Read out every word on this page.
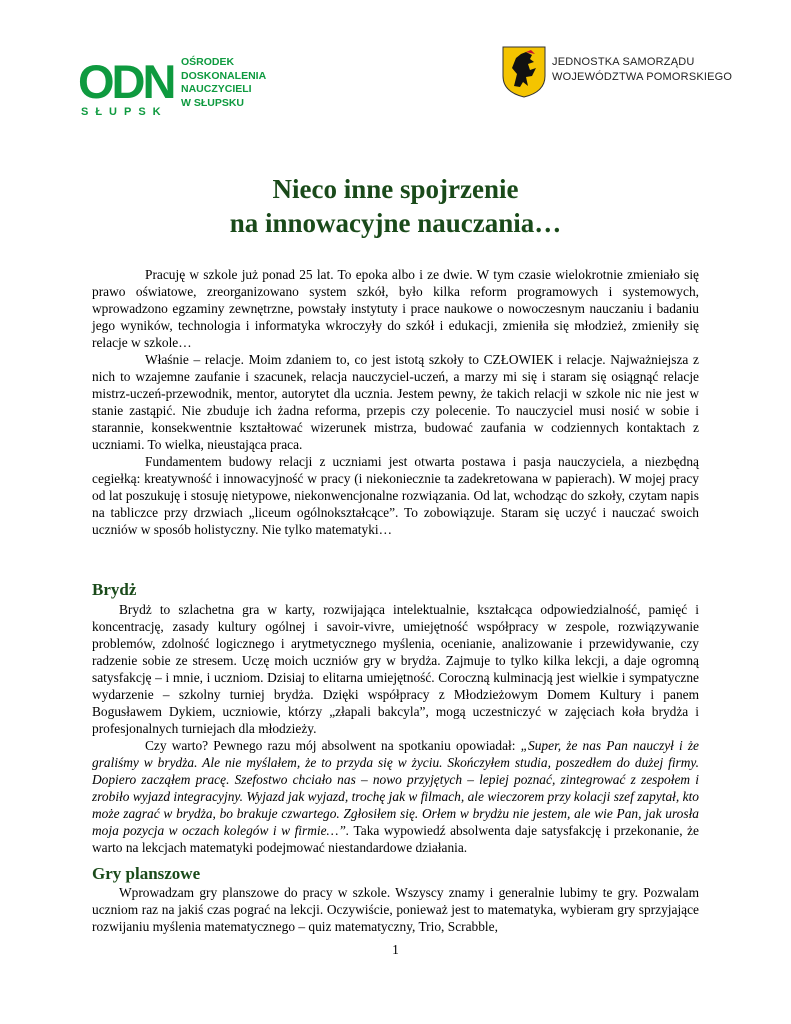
ODN
SŁUPSK
OŚRODEK
DOSKONALENIA
NAUCZYCIELI
W SŁUPSKU
JEDNOSTKA SAMORZĄDU
WOJEWÓDZTWA POMORSKIEGO
Nieco inne spojrzenie
na innowacyjne nauczania…

Pracuję w szkole już ponad 25 lat. To epoka albo i ze dwie. W tym czasie wielokrotnie zmieniało się prawo oświatowe, zreorganizowano system szkół, było kilka reform programowych i systemowych, wprowadzono egzaminy zewnętrzne, powstały instytuty i prace naukowe o nowoczesnym nauczaniu i badaniu jego wyników, technologia i informatyka wkroczyły do szkół i edukacji, zmieniła się młodzież, zmieniły się relacje w szkole…

Właśnie – relacje. Moim zdaniem to, co jest istotą szkoły to CZŁOWIEK i relacje. Najważniejsza z nich to wzajemne zaufanie i szacunek, relacja nauczyciel-uczeń, a marzy mi się i staram się osiągnąć relacje mistrz-uczeń-przewodnik, mentor, autorytet dla ucznia. Jestem pewny, że takich relacji w szkole nic nie jest w stanie zastąpić. Nie zbuduje ich żadna reforma, przepis czy polecenie. To nauczyciel musi nosić w sobie i starannie, konsekwentnie kształtować wizerunek mistrza, budować zaufania w codziennych kontaktach z uczniami. To wielka, nieustająca praca.

Fundamentem budowy relacji z uczniami jest otwarta postawa i pasja nauczyciela, a niezbędną cegiełką: kreatywność i innowacyjność w pracy (i niekoniecznie ta zadekretowana w papierach). W mojej pracy od lat poszukuję i stosuję nietypowe, niekonwencjonalne rozwiązania. Od lat, wchodząc do szkoły, czytam napis na tabliczce przy drzwiach „liceum ogólnokształcące”. To zobowiązuje. Staram się uczyć i nauczać swoich uczniów w sposób holistyczny. Nie tylko matematyki…

Brydż

Brydż to szlachetna gra w karty, rozwijająca intelektualnie, kształcąca odpowiedzialność, pamięć i koncentrację, zasady kultury ogólnej i savoir-vivre, umiejętność współpracy w zespole, rozwiązywanie problemów, zdolność logicznego i arytmetycznego myślenia, ocenianie, analizowanie i przewidywanie, czy radzenie sobie ze stresem. Uczę moich uczniów gry w brydża. Zajmuje to tylko kilka lekcji, a daje ogromną satysfakcję – i mnie, i uczniom. Dzisiaj to elitarna umiejętność. Coroczną kulminacją jest wielkie i sympatyczne wydarzenie – szkolny turniej brydża. Dzięki współpracy z Młodzieżowym Domem Kultury i panem Bogusławem Dykiem, uczniowie, którzy „złapali bakcyla”, mogą uczestniczyć w zajęciach koła brydża i profesjonalnych turniejach dla młodzieży.

Czy warto? Pewnego razu mój absolwent na spotkaniu opowiadał: „Super, że nas Pan nauczył i że graliśmy w brydża. Ale nie myślałem, że to przyda się w życiu. Skończyłem studia, poszedłem do dużej firmy. Dopiero zacząłem pracę. Szefostwo chciało nas – nowo przyjętych – lepiej poznać, zintegrować z zespołem i zrobiło wyjazd integracyjny. Wyjazd jak wyjazd, trochę jak w filmach, ale wieczorem przy kolacji szef zapytał, kto może zagrać w brydża, bo brakuje czwartego. Zgłosiłem się. Orłem w brydżu nie jestem, ale wie Pan, jak urosła moja pozycja w oczach kolegów i w firmie…”. Taka wypowiedź absolwenta daje satysfakcję i przekonanie, że warto na lekcjach matematyki podejmować niestandardowe działania.

Gry planszowe

Wprowadzam gry planszowe do pracy w szkole. Wszyscy znamy i generalnie lubimy te gry. Pozwalam uczniom raz na jakiś czas pograć na lekcji. Oczywiście, ponieważ jest to matematyka, wybieram gry sprzyjające rozwijaniu myślenia matematycznego – quiz matematyczny, Trio, Scrabble,

1
